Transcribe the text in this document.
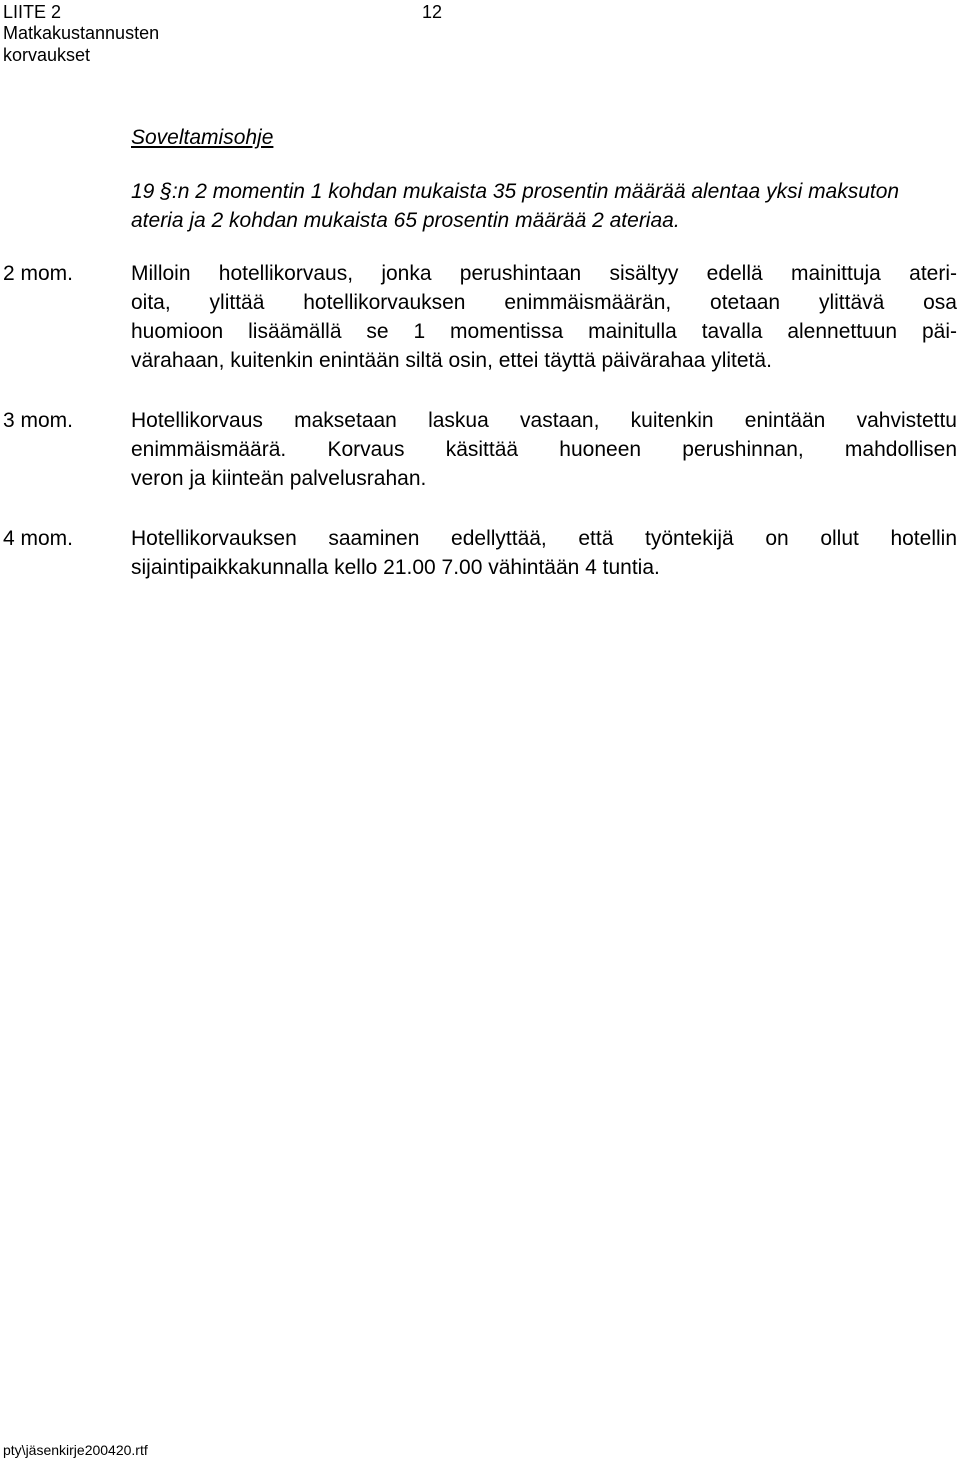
LIITE 2
Matkakustannusten
korvaukset
12
Soveltamisohje
19 §:n 2 momentin 1 kohdan mukaista 35 prosentin määrää alentaa yksi maksuton
ateria ja 2 kohdan mukaista 65 prosentin määrää 2 ateriaa.
2 mom.	Milloin hotellikorvaus, jonka perushintaan sisältyy edellä mainittuja ateri-
oita, ylittää hotellikorvauksen enimmäismäärän, otetaan ylittävä osa
huomioon lisäämällä se 1 momentissa mainitulla tavalla alennettuun päi-
värahaan, kuitenkin enintään siltä osin, ettei täyttä päivärahaa ylitetä.
3 mom.	Hotellikorvaus maksetaan laskua vastaan, kuitenkin enintään vahvistettu
enimmäismäärä. Korvaus käsittää huoneen perushinnan, mahdollisen
veron ja kiinteän palvelusrahan.
4 mom.	Hotellikorvauksen saaminen edellyttää, että työntekijä on ollut hotellin
sijaintipaikkakunnalla kello 21.00 7.00 vähintään 4 tuntia.
pty\jäsenkirje200420.rtf
